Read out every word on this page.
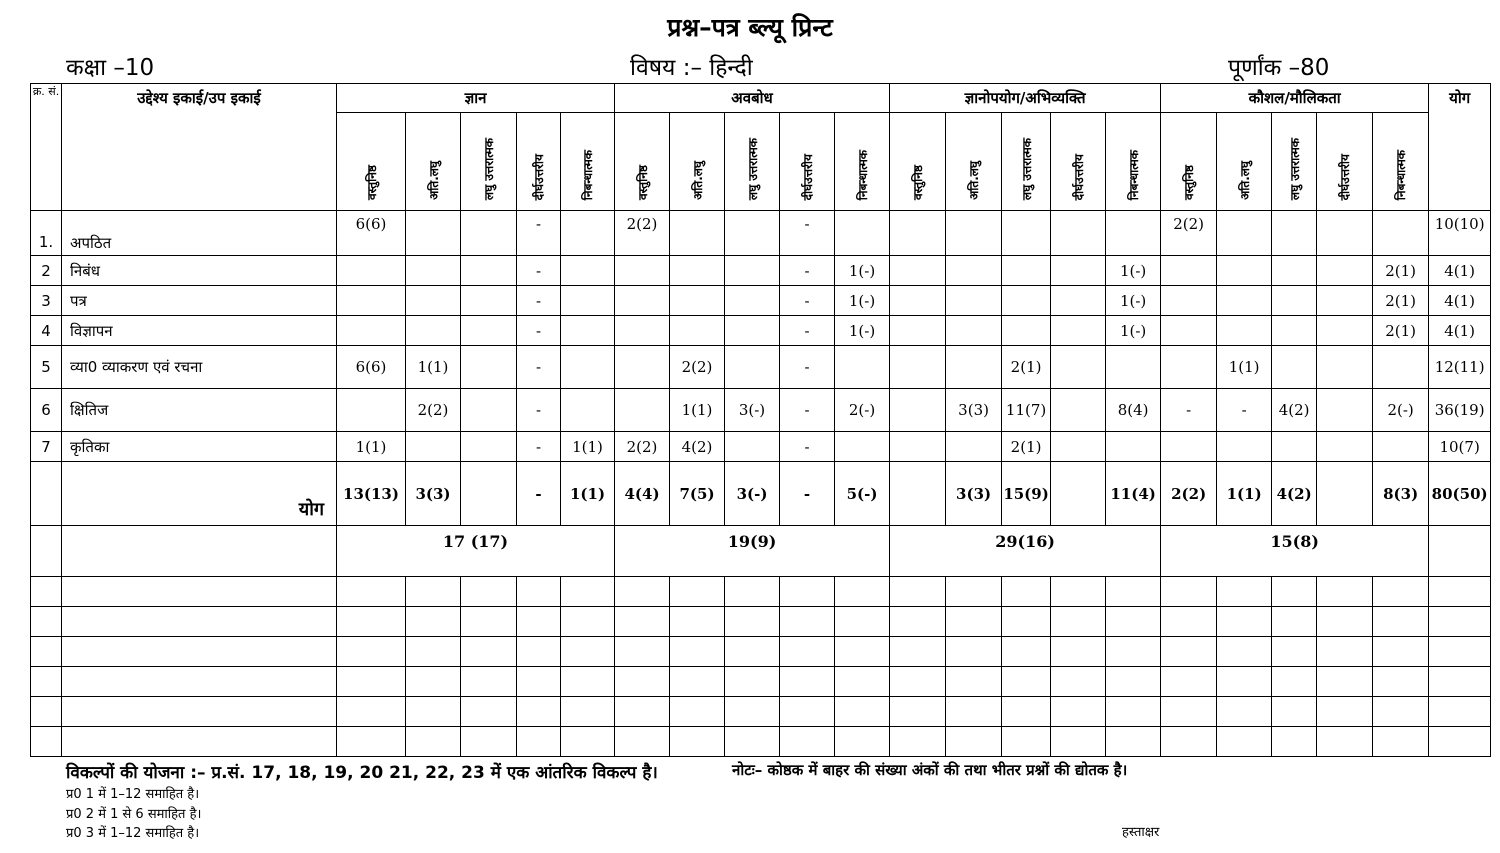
प्रश्न–पत्र ब्ल्यू प्रिन्ट
कक्षा –10	विषय :– हिन्दी	पूर्णांक –80
क्र. सं.	उद्देश्य इकाई/उप इकाई	ज्ञान					अवबोध					ज्ञानोपयोग/अभिव्यक्ति					कौशल/मौलिकता					योग
		वस्तुनिष्ठ	अति.लघु	लघु उत्तरात्मक	दीर्घउत्तरीय	निबन्धात्मक	वस्तुनिष्ठ	अति.लघु	लघु उत्तरात्मक	दीर्घउत्तरीय	निबन्धात्मक	वस्तुनिष्ठ	अति.लघु	लघु उत्तरात्मक	दीर्घउत्तरीय	निबन्धात्मक	वस्तुनिष्ठ	अति.लघु	लघु उत्तरात्मक	दीर्घउत्तरीय	निबन्धात्मक	
1.	अपठित	6(6)			-		2(2)			-							2(2)					10(10)
2	निबंध				-					-	1(-)					1(-)					2(1)	4(1)
3	पत्र				-					-	1(-)					1(-)					2(1)	4(1)
4	विज्ञापन				-					-	1(-)					1(-)					2(1)	4(1)
5	व्या0 व्याकरण एवं रचना	6(6)	1(1)		-			2(2)		-				2(1)				1(1)				12(11)
6	क्षितिज		2(2)		-			1(1)	3(-)	-	2(-)		3(3)	11(7)		8(4)	-	-	4(2)		2(-)	36(19)
7	कृतिका	1(1)			-	1(1)	2(2)	4(2)		-				2(1)								10(7)
	योग	13(13)	3(3)		-	1(1)	4(4)	7(5)	3(-)	-	5(-)		3(3)	15(9)		11(4)	2(2)	1(1)	4(2)		8(3)	80(50)
		17 (17)					19(9)					29(16)					15(8)					

विकल्पों की योजना :– प्र.सं. 17, 18, 19, 20 21, 22, 23 में एक आंतरिक विकल्प है।	नोटः– कोष्ठक में बाहर की संख्या अंकों की तथा भीतर प्रश्नों की द्योतक है।
प्र0 1 में 1–12 समाहित है।
प्र0 2 में 1 से 6 समाहित है।
प्र0 3 में 1–12 समाहित है।	हस्ताक्षर
